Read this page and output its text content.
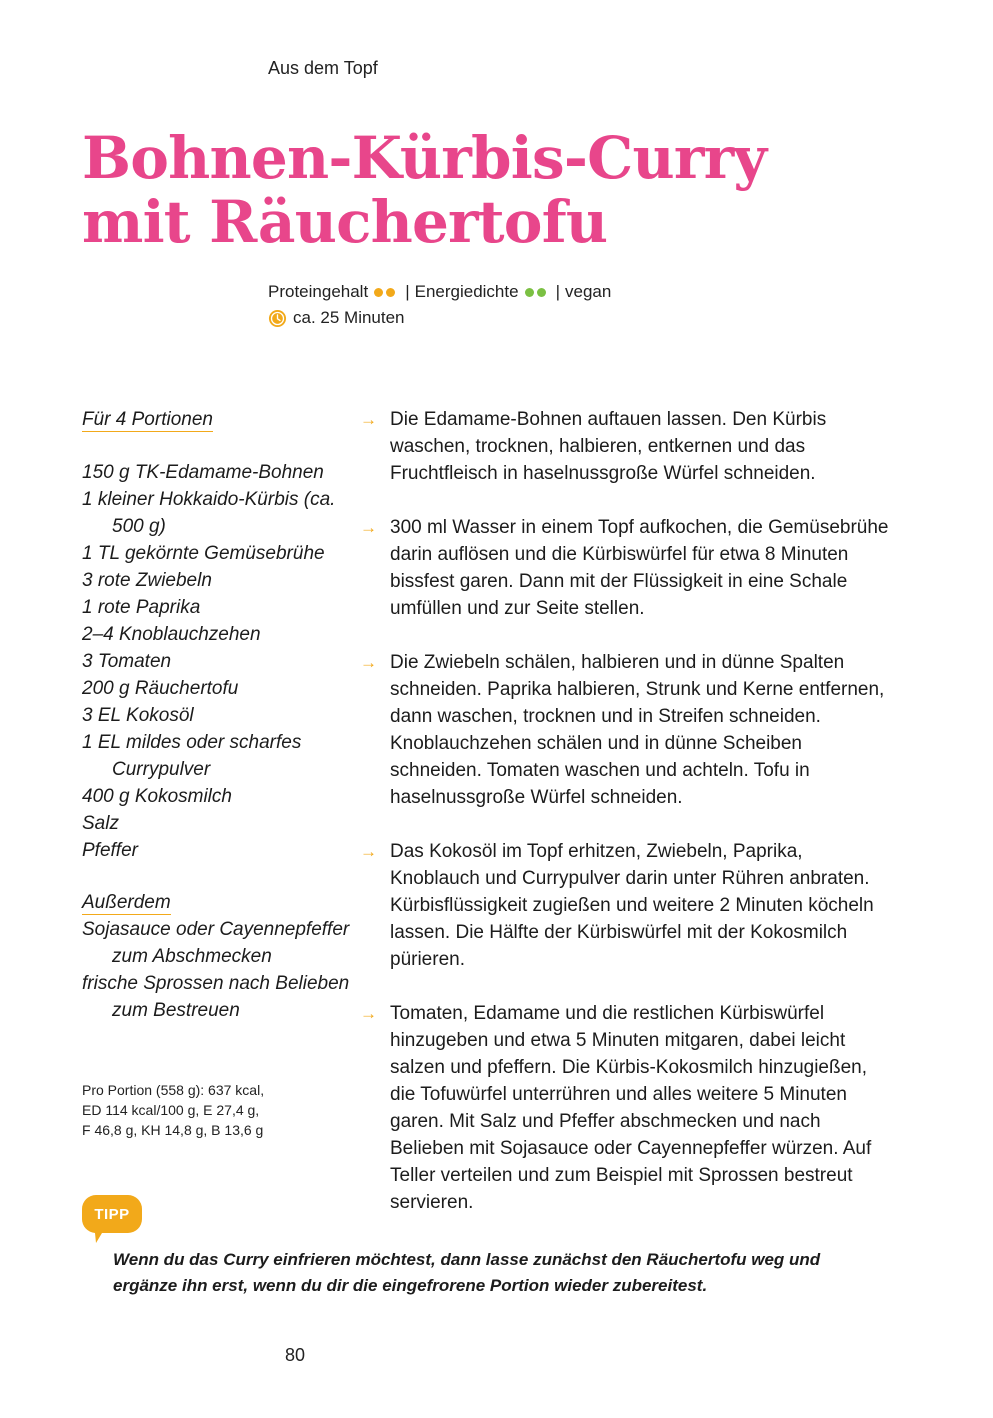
Aus dem Topf
Bohnen-Kürbis-Curry
mit Räuchertofu
Proteingehalt | Energiedichte | vegan
ca. 25 Minuten
Für 4 Portionen
150 g TK-Edamame-Bohnen
1 kleiner Hokkaido-Kürbis (ca. 500 g)
1 TL gekörnte Gemüsebrühe
3 rote Zwiebeln
1 rote Paprika
2–4 Knoblauchzehen
3 Tomaten
200 g Räuchertofu
3 EL Kokosöl
1 EL mildes oder scharfes Currypulver
400 g Kokosmilch
Salz
Pfeffer
Außerdem
Sojasauce oder Cayennepfeffer zum Abschmecken
frische Sprossen nach Belieben zum Bestreuen
Pro Portion (558 g): 637 kcal,
ED 114 kcal/100 g, E 27,4 g,
F 46,8 g, KH 14,8 g, B 13,6 g
→ Die Edamame-Bohnen auftauen lassen. Den Kürbis waschen, trocknen, halbieren, entkernen und das Fruchtfleisch in haselnussgroße Würfel schneiden.
→ 300 ml Wasser in einem Topf aufkochen, die Gemüsebrühe darin auflösen und die Kürbiswürfel für etwa 8 Minuten bissfest garen. Dann mit der Flüssigkeit in eine Schale umfüllen und zur Seite stellen.
→ Die Zwiebeln schälen, halbieren und in dünne Spalten schneiden. Paprika halbieren, Strunk und Kerne entfernen, dann waschen, trocknen und in Streifen schneiden. Knoblauchzehen schälen und in dünne Scheiben schneiden. Tomaten waschen und achteln. Tofu in haselnussgroße Würfel schneiden.
→ Das Kokosöl im Topf erhitzen, Zwiebeln, Paprika, Knoblauch und Currypulver darin unter Rühren anbraten. Kürbisflüssigkeit zugießen und weitere 2 Minuten köcheln lassen. Die Hälfte der Kürbiswürfel mit der Kokosmilch pürieren.
→ Tomaten, Edamame und die restlichen Kürbiswürfel hinzugeben und etwa 5 Minuten mitgaren, dabei leicht salzen und pfeffern. Die Kürbis-Kokosmilch hinzugießen, die Tofuwürfel unterrühren und alles weitere 5 Minuten garen. Mit Salz und Pfeffer abschmecken und nach Belieben mit Sojasauce oder Cayennepfeffer würzen. Auf Teller verteilen und zum Beispiel mit Sprossen bestreut servieren.
TIPP
Wenn du das Curry einfrieren möchtest, dann lasse zunächst den Räuchertofu weg und ergänze ihn erst, wenn du dir die eingefrorene Portion wieder zubereitest.
80
